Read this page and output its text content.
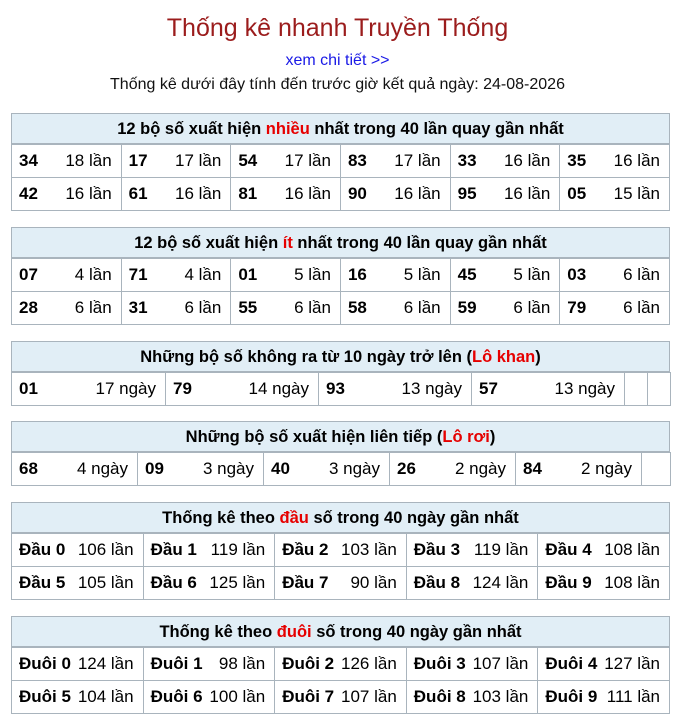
Thống kê nhanh Truyền Thống
xem chi tiết >>
Thống kê dưới đây tính đến trước giờ kết quả ngày: 24-08-2026
12 bộ số xuất hiện nhiều nhất trong 40 lần quay gần nhất
34 18 lần	17 17 lần	54 17 lần	83 17 lần	33 16 lần	35 16 lần

42 16 lần	61 16 lần	81 16 lần	90 16 lần	95 16 lần	05 15 lần
12 bộ số xuất hiện ít nhất trong 40 lần quay gần nhất
07 4 lần	71 4 lần	01 5 lần	16 5 lần	45 5 lần	03 6 lần

28 6 lần	31 6 lần	55 6 lần	58 6 lần	59 6 lần	79 6 lần
Những bộ số không ra từ 10 ngày trở lên (Lô khan)
01	17 ngày	79	14 ngày	93	13 ngày	57	13 ngày

Những bộ số xuất hiện liên tiếp (Lô rơi)
68 4 ngày	09 3 ngày	40 3 ngày	26 2 ngày	84 2 ngày

Thống kê theo đầu số trong 40 ngày gần nhất
Đầu 0 106 lần	Đầu 1 119 lần	Đầu 2 103 lần	Đầu 3 119 lần	Đầu 4 108 lần

Đầu 5 105 lần	Đầu 6 125 lần	Đầu 7 90 lần	Đầu 8 124 lần	Đầu 9 108 lần
Thống kê theo đuôi số trong 40 ngày gần nhất
Đuôi 0 124 lần	Đuôi 1 98 lần	Đuôi 2 126 lần	Đuôi 3 107 lần	Đuôi 4 127 lần

Đuôi 5 104 lần	Đuôi 6 100 lần	Đuôi 7 107 lần	Đuôi 8 103 lần	Đuôi 9 111 lần
